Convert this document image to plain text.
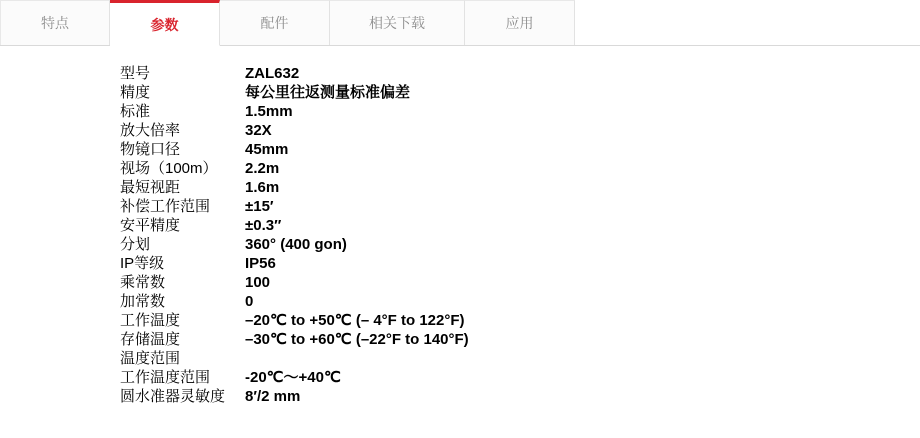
特点	参数	配件	相关下载	应用
型号	ZAL632
精度	每公里往返测量标准偏差
标准	1.5mm
放大倍率	32X
物镜口径	45mm
视场（100m）	2.2m
最短视距	1.6m
补偿工作范围	±15′
安平精度	±0.3″
分划	360° (400 gon)
IP等级	IP56
乘常数	100
加常数	0
工作温度	–20℃ to +50℃ (– 4°F to 122°F)
存储温度	–30℃ to +60℃ (–22°F to 140°F)
温度范围	
工作温度范围	-20℃～+40℃
圆水准器灵敏度	8′/2 mm
